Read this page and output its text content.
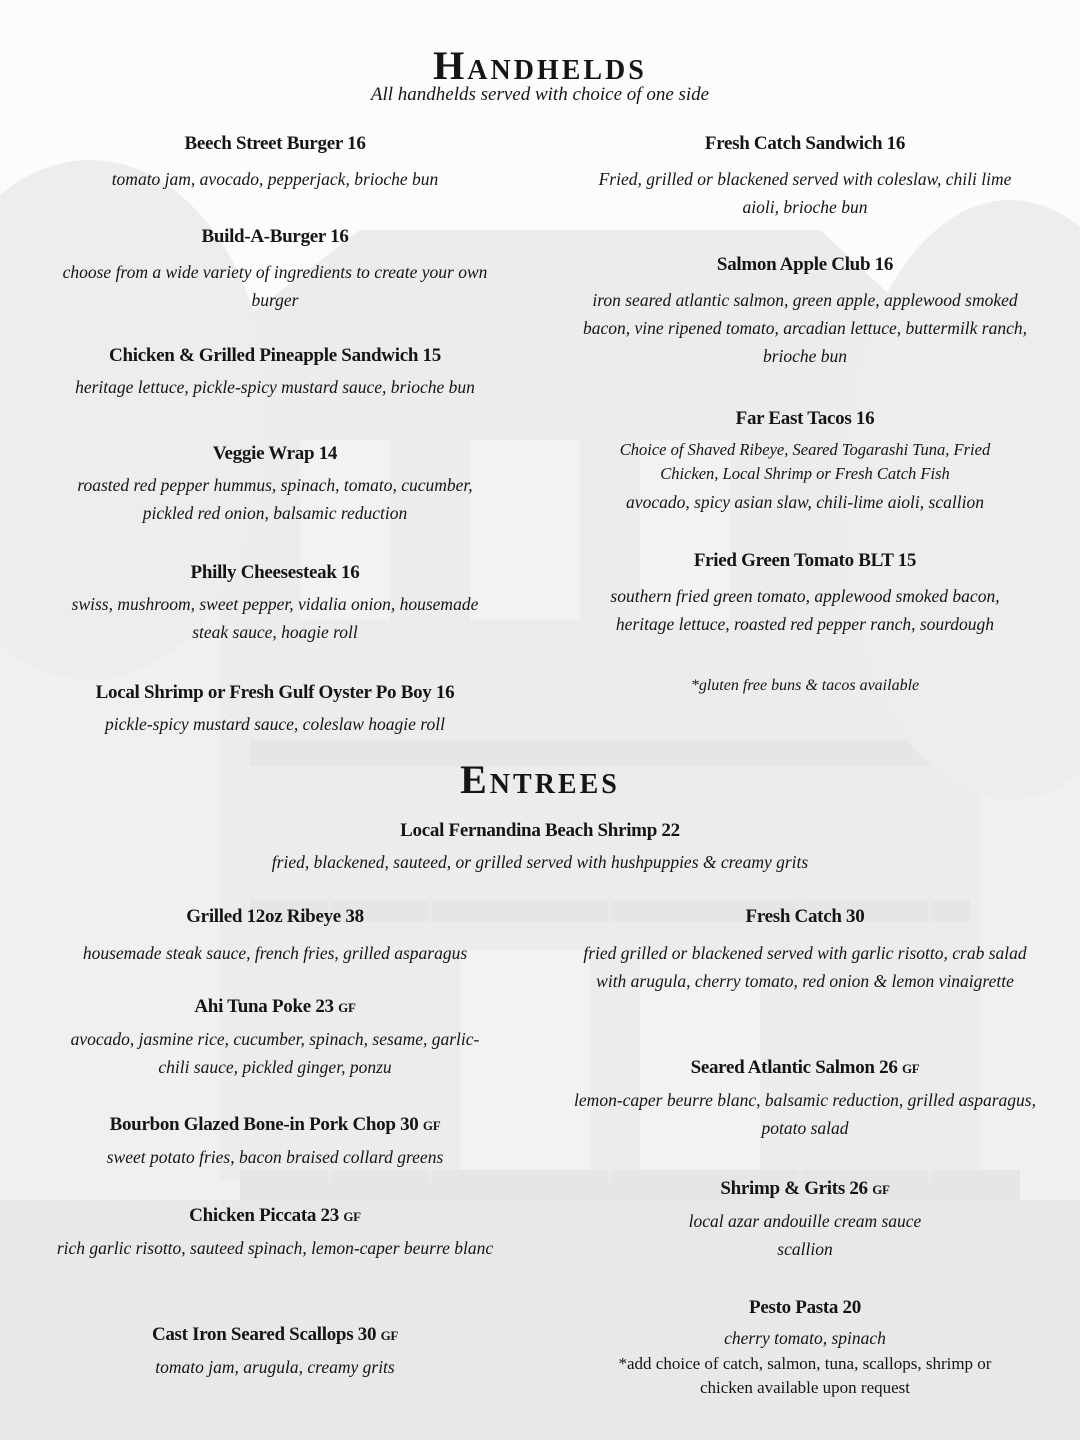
Handhelds
All handhelds served with choice of one side
Beech Street Burger 16
tomato jam, avocado, pepperjack, brioche bun
Build-A-Burger 16
choose from a wide variety of ingredients to create your own burger
Chicken & Grilled Pineapple Sandwich 15
heritage lettuce, pickle-spicy mustard sauce, brioche bun
Veggie Wrap 14
roasted red pepper hummus, spinach, tomato, cucumber, pickled red onion, balsamic reduction
Philly Cheesesteak 16
swiss, mushroom, sweet pepper, vidalia onion, housemade steak sauce, hoagie roll
Local Shrimp or Fresh Gulf Oyster Po Boy 16
pickle-spicy mustard sauce, coleslaw hoagie roll
Fresh Catch Sandwich 16
Fried, grilled or blackened served with coleslaw, chili lime aioli, brioche bun
Salmon Apple Club 16
iron seared atlantic salmon, green apple, applewood smoked bacon, vine ripened tomato, arcadian lettuce, buttermilk ranch, brioche bun
Far East Tacos 16
Choice of Shaved Ribeye, Seared Togarashi Tuna, Fried Chicken, Local Shrimp or Fresh Catch Fish
avocado, spicy asian slaw, chili-lime aioli, scallion
Fried Green Tomato BLT 15
southern fried green tomato, applewood smoked bacon, heritage lettuce, roasted red pepper ranch, sourdough
*gluten free buns & tacos available
Entrees
Local Fernandina Beach Shrimp 22
fried, blackened, sauteed, or grilled served with hushpuppies & creamy grits
Grilled 12oz Ribeye 38
housemade steak sauce, french fries, grilled asparagus
Ahi Tuna Poke 23 GF
avocado, jasmine rice, cucumber, spinach, sesame, garlic-chili sauce, pickled ginger, ponzu
Bourbon Glazed Bone-in Pork Chop 30 GF
sweet potato fries, bacon braised collard greens
Chicken Piccata 23 GF
rich garlic risotto, sauteed spinach, lemon-caper beurre blanc
Cast Iron Seared Scallops 30 GF
tomato jam, arugula, creamy grits
Fresh Catch 30
fried grilled or blackened served with garlic risotto, crab salad with arugula, cherry tomato, red onion & lemon vinaigrette
Seared Atlantic Salmon 26 GF
lemon-caper beurre blanc, balsamic reduction, grilled asparagus, potato salad
Shrimp & Grits 26 GF
local azar andouille cream sauce scallion
Pesto Pasta 20
cherry tomato, spinach
*add choice of catch, salmon, tuna, scallops, shrimp or chicken available upon request
